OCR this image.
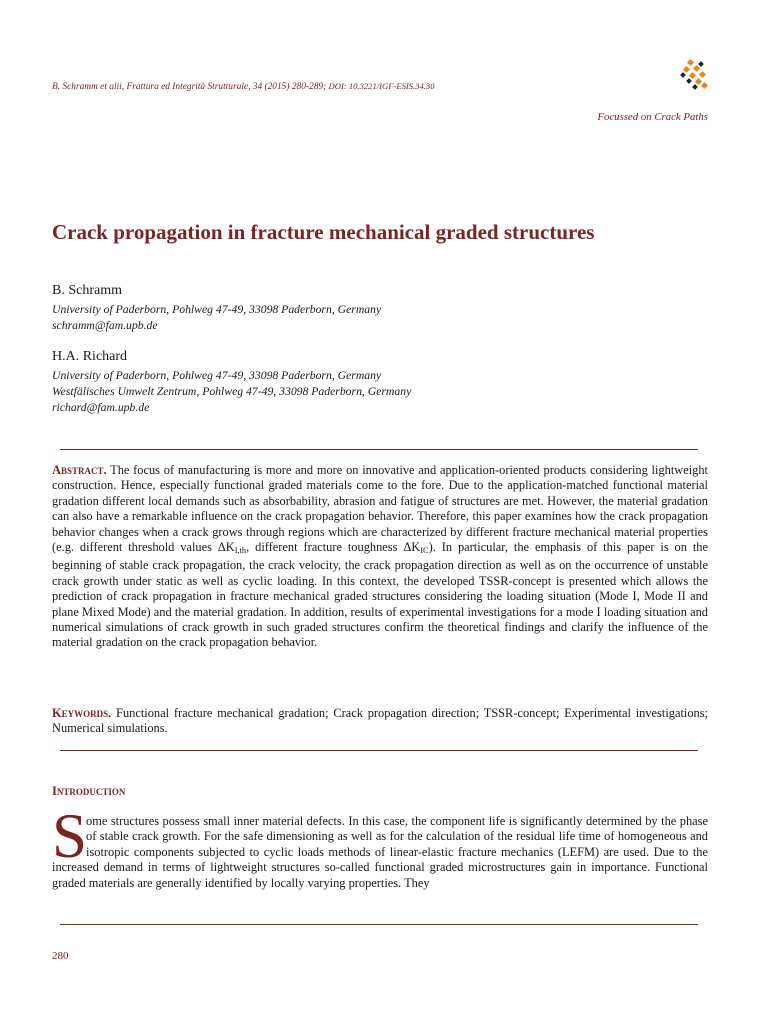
B. Schramm et alii, Frattura ed Integrità Strutturale, 34 (2015) 280-289; DOI: 10.3221/IGF-ESIS.34.30
Focussed on Crack Paths
Crack propagation in fracture mechanical graded structures

B. Schramm

University of Paderborn, Pohlweg 47-49, 33098 Paderborn, Germany
schramm@fam.upb.de

H.A. Richard

University of Paderborn, Pohlweg 47-49, 33098 Paderborn, Germany
Westfälisches Umwelt Zentrum, Pohlweg 47-49, 33098 Paderborn, Germany
richard@fam.upb.de
Abstract. The focus of manufacturing is more and more on innovative and application-oriented products considering lightweight construction. Hence, especially functional graded materials come to the fore. Due to the application-matched functional material gradation different local demands such as absorbability, abrasion and fatigue of structures are met. However, the material gradation can also have a remarkable influence on the crack propagation behavior. Therefore, this paper examines how the crack propagation behavior changes when a crack grows through regions which are characterized by different fracture mechanical material properties (e.g. different threshold values $\Delta K_{I,th}$, different fracture toughness $\Delta K_{IC}$). In particular, the emphasis of this paper is on the beginning of stable crack propagation, the crack velocity, the crack propagation direction as well as on the occurrence of unstable crack growth under static as well as cyclic loading. In this context, the developed TSSR-concept is presented which allows the prediction of crack propagation in fracture mechanical graded structures considering the loading situation (Mode I, Mode II and plane Mixed Mode) and the material gradation. In addition, results of experimental investigations for a mode I loading situation and numerical simulations of crack growth in such graded structures confirm the theoretical findings and clarify the influence of the material gradation on the crack propagation behavior.
Keywords. Functional fracture mechanical gradation; Crack propagation direction; TSSR-concept; Experimental investigations; Numerical simulations.
Introduction
S
ome structures possess small inner material defects. In this case, the component life is significantly determined by the phase of stable crack growth. For the safe dimensioning as well as for the calculation of the residual life time of homogeneous and isotropic components subjected to cyclic loads methods of linear-elastic fracture mechanics (LEFM) are used. Due to the increased demand in terms of lightweight structures so-called functional graded microstructures gain in importance. Functional graded materials are generally identified by locally varying properties. They
280
